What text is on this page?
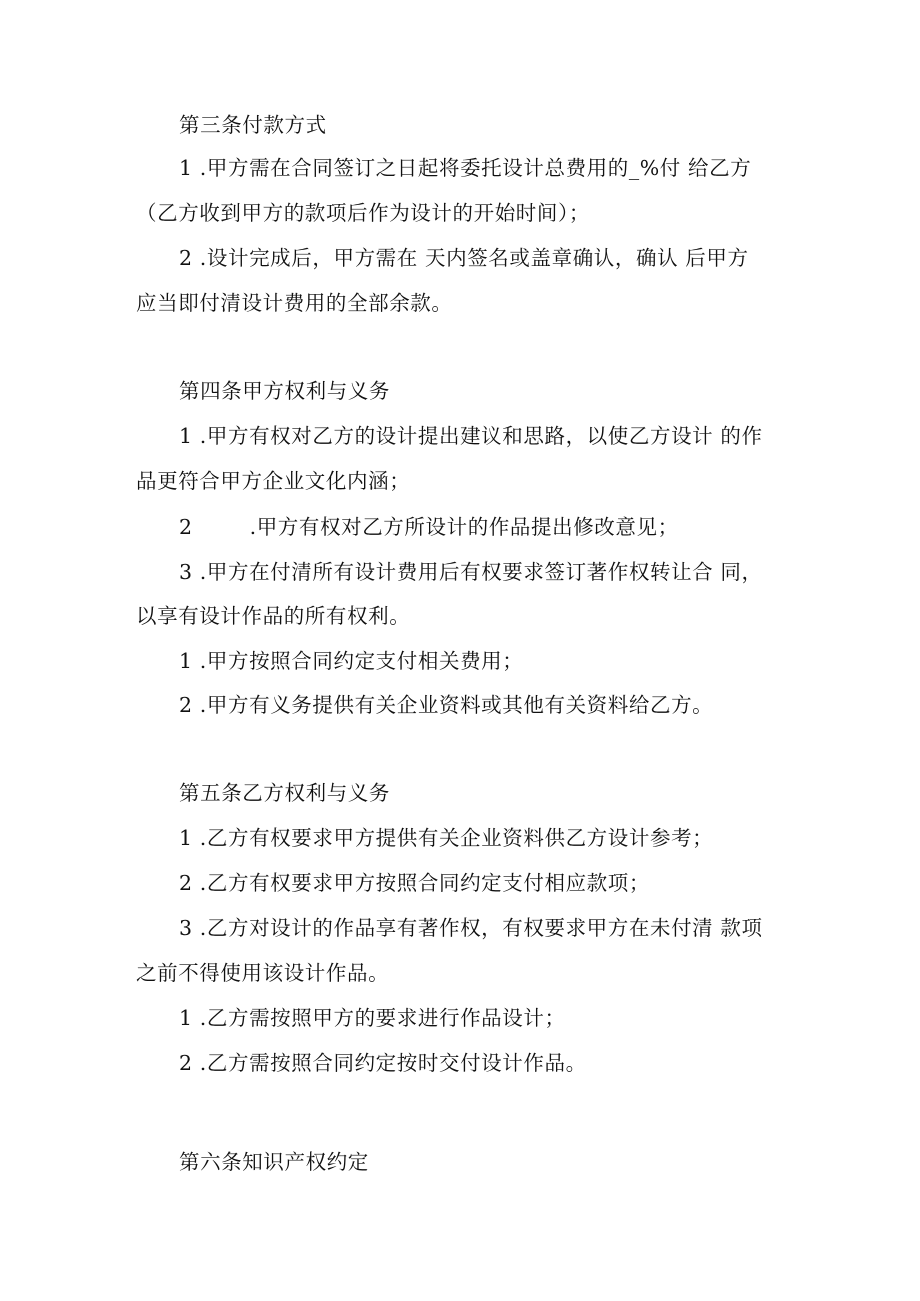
第三条付款方式
1 .甲方需在合同签订之日起将委托设计总费用的_%付 给乙方
（乙方收到甲方的款项后作为设计的开始时间）；
2 .设计完成后，甲方需在 天内签名或盖章确认，确认 后甲方
应当即付清设计费用的全部余款。
第四条甲方权利与义务
1 .甲方有权对乙方的设计提出建议和思路，以使乙方设计 的作
品更符合甲方企业文化内涵；
2        .甲方有权对乙方所设计的作品提出修改意见；
3 .甲方在付清所有设计费用后有权要求签订著作权转让合 同，
以享有设计作品的所有权利。
1 .甲方按照合同约定支付相关费用；
2 .甲方有义务提供有关企业资料或其他有关资料给乙方。
第五条乙方权利与义务
1 .乙方有权要求甲方提供有关企业资料供乙方设计参考；
2 .乙方有权要求甲方按照合同约定支付相应款项；
3 .乙方对设计的作品享有著作权，有权要求甲方在未付清 款项
之前不得使用该设计作品。
1 .乙方需按照甲方的要求进行作品设计；
2 .乙方需按照合同约定按时交付设计作品。
第六条知识产权约定
